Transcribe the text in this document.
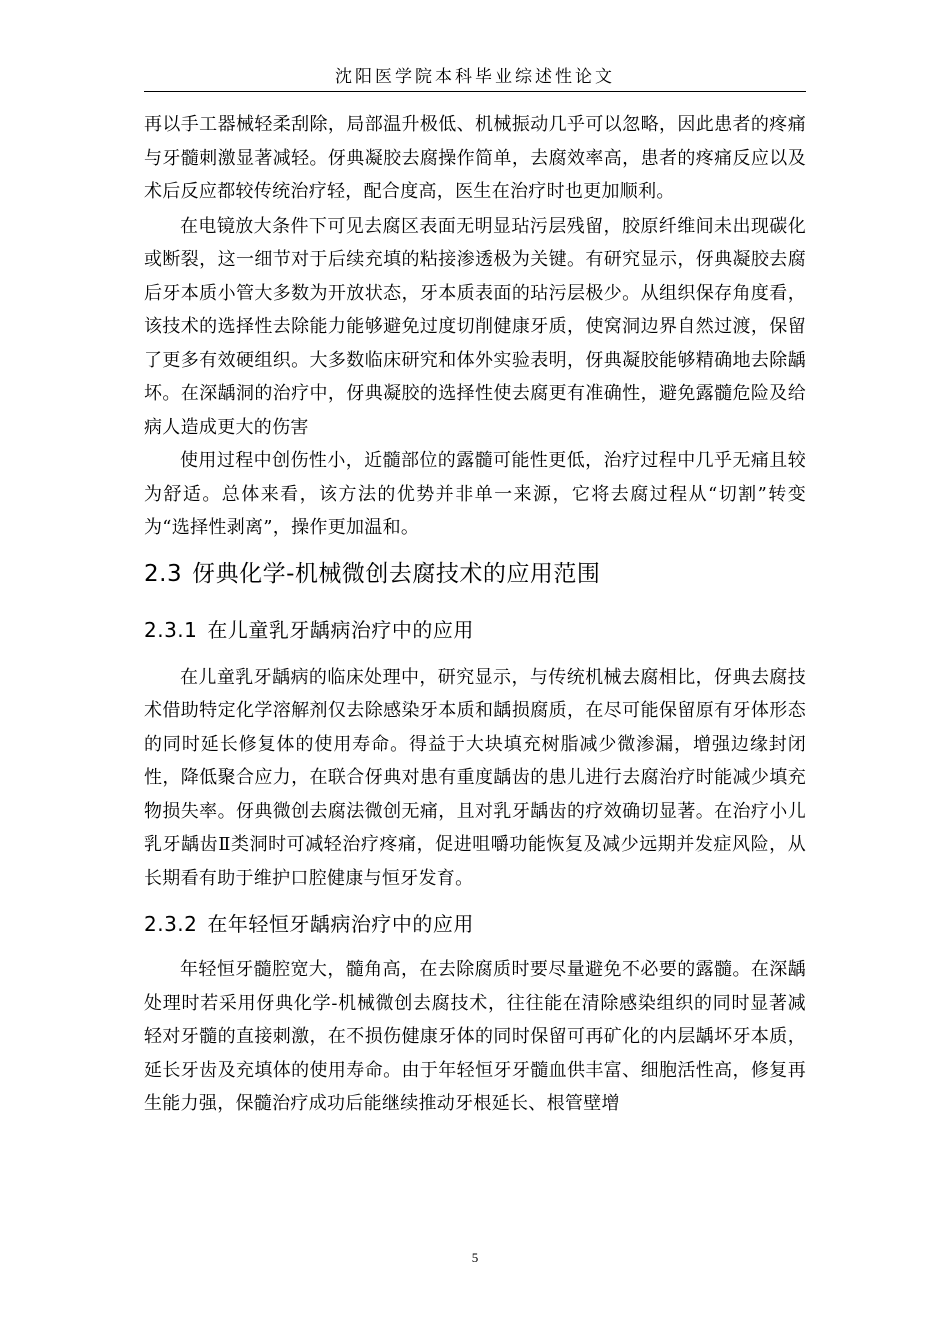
沈阳医学院本科毕业综述性论文

再以手工器械轻柔刮除，局部温升极低、机械振动几乎可以忽略，因此患者的疼痛与牙髓刺激显著减轻。伢典凝胶去腐操作简单，去腐效率高，患者的疼痛反应以及术后反应都较传统治疗轻，配合度高，医生在治疗时也更加顺利。

在电镜放大条件下可见去腐区表面无明显玷污层残留，胶原纤维间未出现碳化或断裂，这一细节对于后续充填的粘接渗透极为关键。有研究显示，伢典凝胶去腐后牙本质小管大多数为开放状态，牙本质表面的玷污层极少。从组织保存角度看，该技术的选择性去除能力能够避免过度切削健康牙质，使窝洞边界自然过渡，保留了更多有效硬组织。大多数临床研究和体外实验表明，伢典凝胶能够精确地去除龋坏。在深龋洞的治疗中，伢典凝胶的选择性使去腐更有准确性，避免露髓危险及给病人造成更大的伤害

使用过程中创伤性小，近髓部位的露髓可能性更低，治疗过程中几乎无痛且较为舒适。总体来看，该方法的优势并非单一来源，它将去腐过程从“切割”转变为“选择性剥离”，操作更加温和。

2.3 伢典化学-机械微创去腐技术的应用范围
2.3.1 在儿童乳牙龋病治疗中的应用

在儿童乳牙龋病的临床处理中，研究显示，与传统机械去腐相比，伢典去腐技术借助特定化学溶解剂仅去除感染牙本质和龋损腐质，在尽可能保留原有牙体形态的同时延长修复体的使用寿命。得益于大块填充树脂减少微渗漏，增强边缘封闭性，降低聚合应力，在联合伢典对患有重度龋齿的患儿进行去腐治疗时能减少填充物损失率。伢典微创去腐法微创无痛，且对乳牙龋齿的疗效确切显著。在治疗小儿乳牙龋齿Ⅱ类洞时可减轻治疗疼痛，促进咀嚼功能恢复及减少远期并发症风险，从长期看有助于维护口腔健康与恒牙发育。

2.3.2 在年轻恒牙龋病治疗中的应用

年轻恒牙髓腔宽大，髓角高，在去除腐质时要尽量避免不必要的露髓。在深龋处理时若采用伢典化学-机械微创去腐技术，往往能在清除感染组织的同时显著减轻对牙髓的直接刺激，在不损伤健康牙体的同时保留可再矿化的内层龋坏牙本质，延长牙齿及充填体的使用寿命。由于年轻恒牙牙髓血供丰富、细胞活性高，修复再生能力强，保髓治疗成功后能继续推动牙根延长、根管壁增

5
